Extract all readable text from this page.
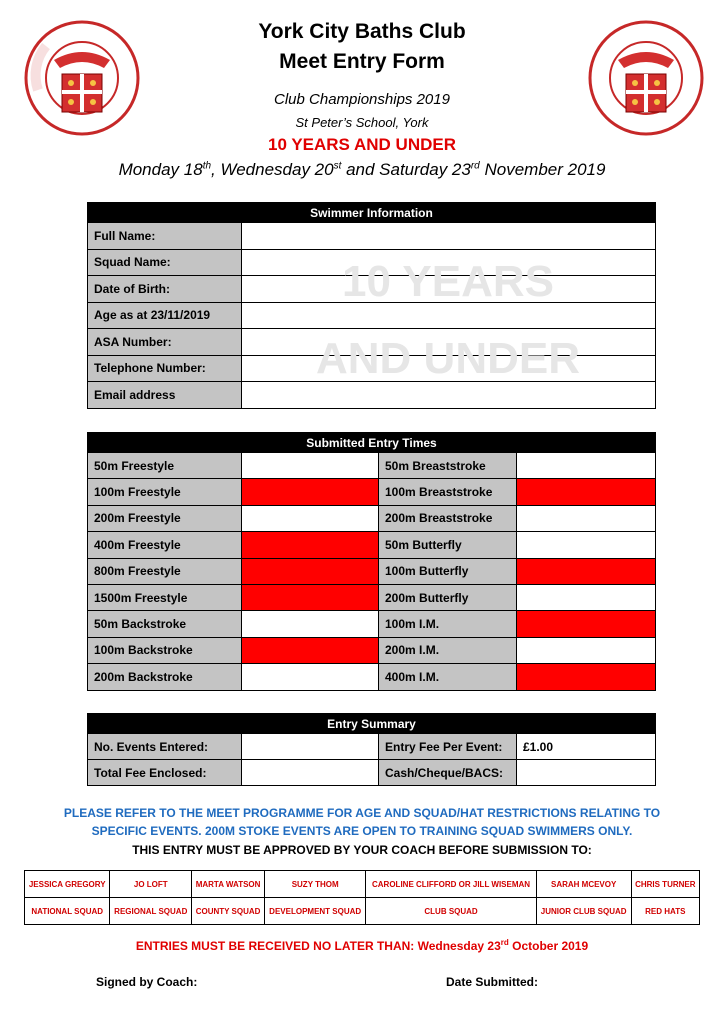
York City Baths Club
Meet Entry Form
Club Championships 2019
St Peter’s School, York
10 YEARS AND UNDER
Monday 18th, Wednesday 20st and Saturday 23rd November 2019
Swimmer Information	
Full Name:	
Squad Name:	
Date of Birth:	
Age as at 23/11/2019	
ASA Number:	
Telephone Number:	
Email address	
10 YEARS
AND UNDER
Submitted Entry Times			
50m Freestyle		50m Breaststroke	
100m Freestyle		100m Breaststroke	
200m Freestyle		200m Breaststroke	
400m Freestyle		50m Butterfly	
800m Freestyle		100m Butterfly	
1500m Freestyle		200m Butterfly	
50m Backstroke		100m I.M.	
100m Backstroke		200m I.M.	
200m Backstroke		400m I.M.	
Entry Summary			
No. Events Entered:		Entry Fee Per Event:	£1.00
Total Fee Enclosed:		Cash/Cheque/BACS:	
PLEASE REFER TO THE MEET PROGRAMME FOR AGE AND SQUAD/HAT RESTRICTIONS RELATING TO
SPECIFIC EVENTS. 200M STOKE EVENTS ARE OPEN TO TRAINING SQUAD SWIMMERS ONLY.
THIS ENTRY MUST BE APPROVED BY YOUR COACH BEFORE SUBMISSION TO:
JESSICA GREGORY	JO LOFT	MARTA WATSON	SUZY THOM	CAROLINE CLIFFORD OR JILL WISEMAN	SARAH MCEVOY	CHRIS TURNER
NATIONAL SQUAD	REGIONAL SQUAD	COUNTY SQUAD	DEVELOPMENT SQUAD	CLUB SQUAD	JUNIOR CLUB SQUAD	RED HATS
ENTRIES MUST BE RECEIVED NO LATER THAN: Wednesday 23rd October 2019
Signed by Coach:	Date Submitted:
